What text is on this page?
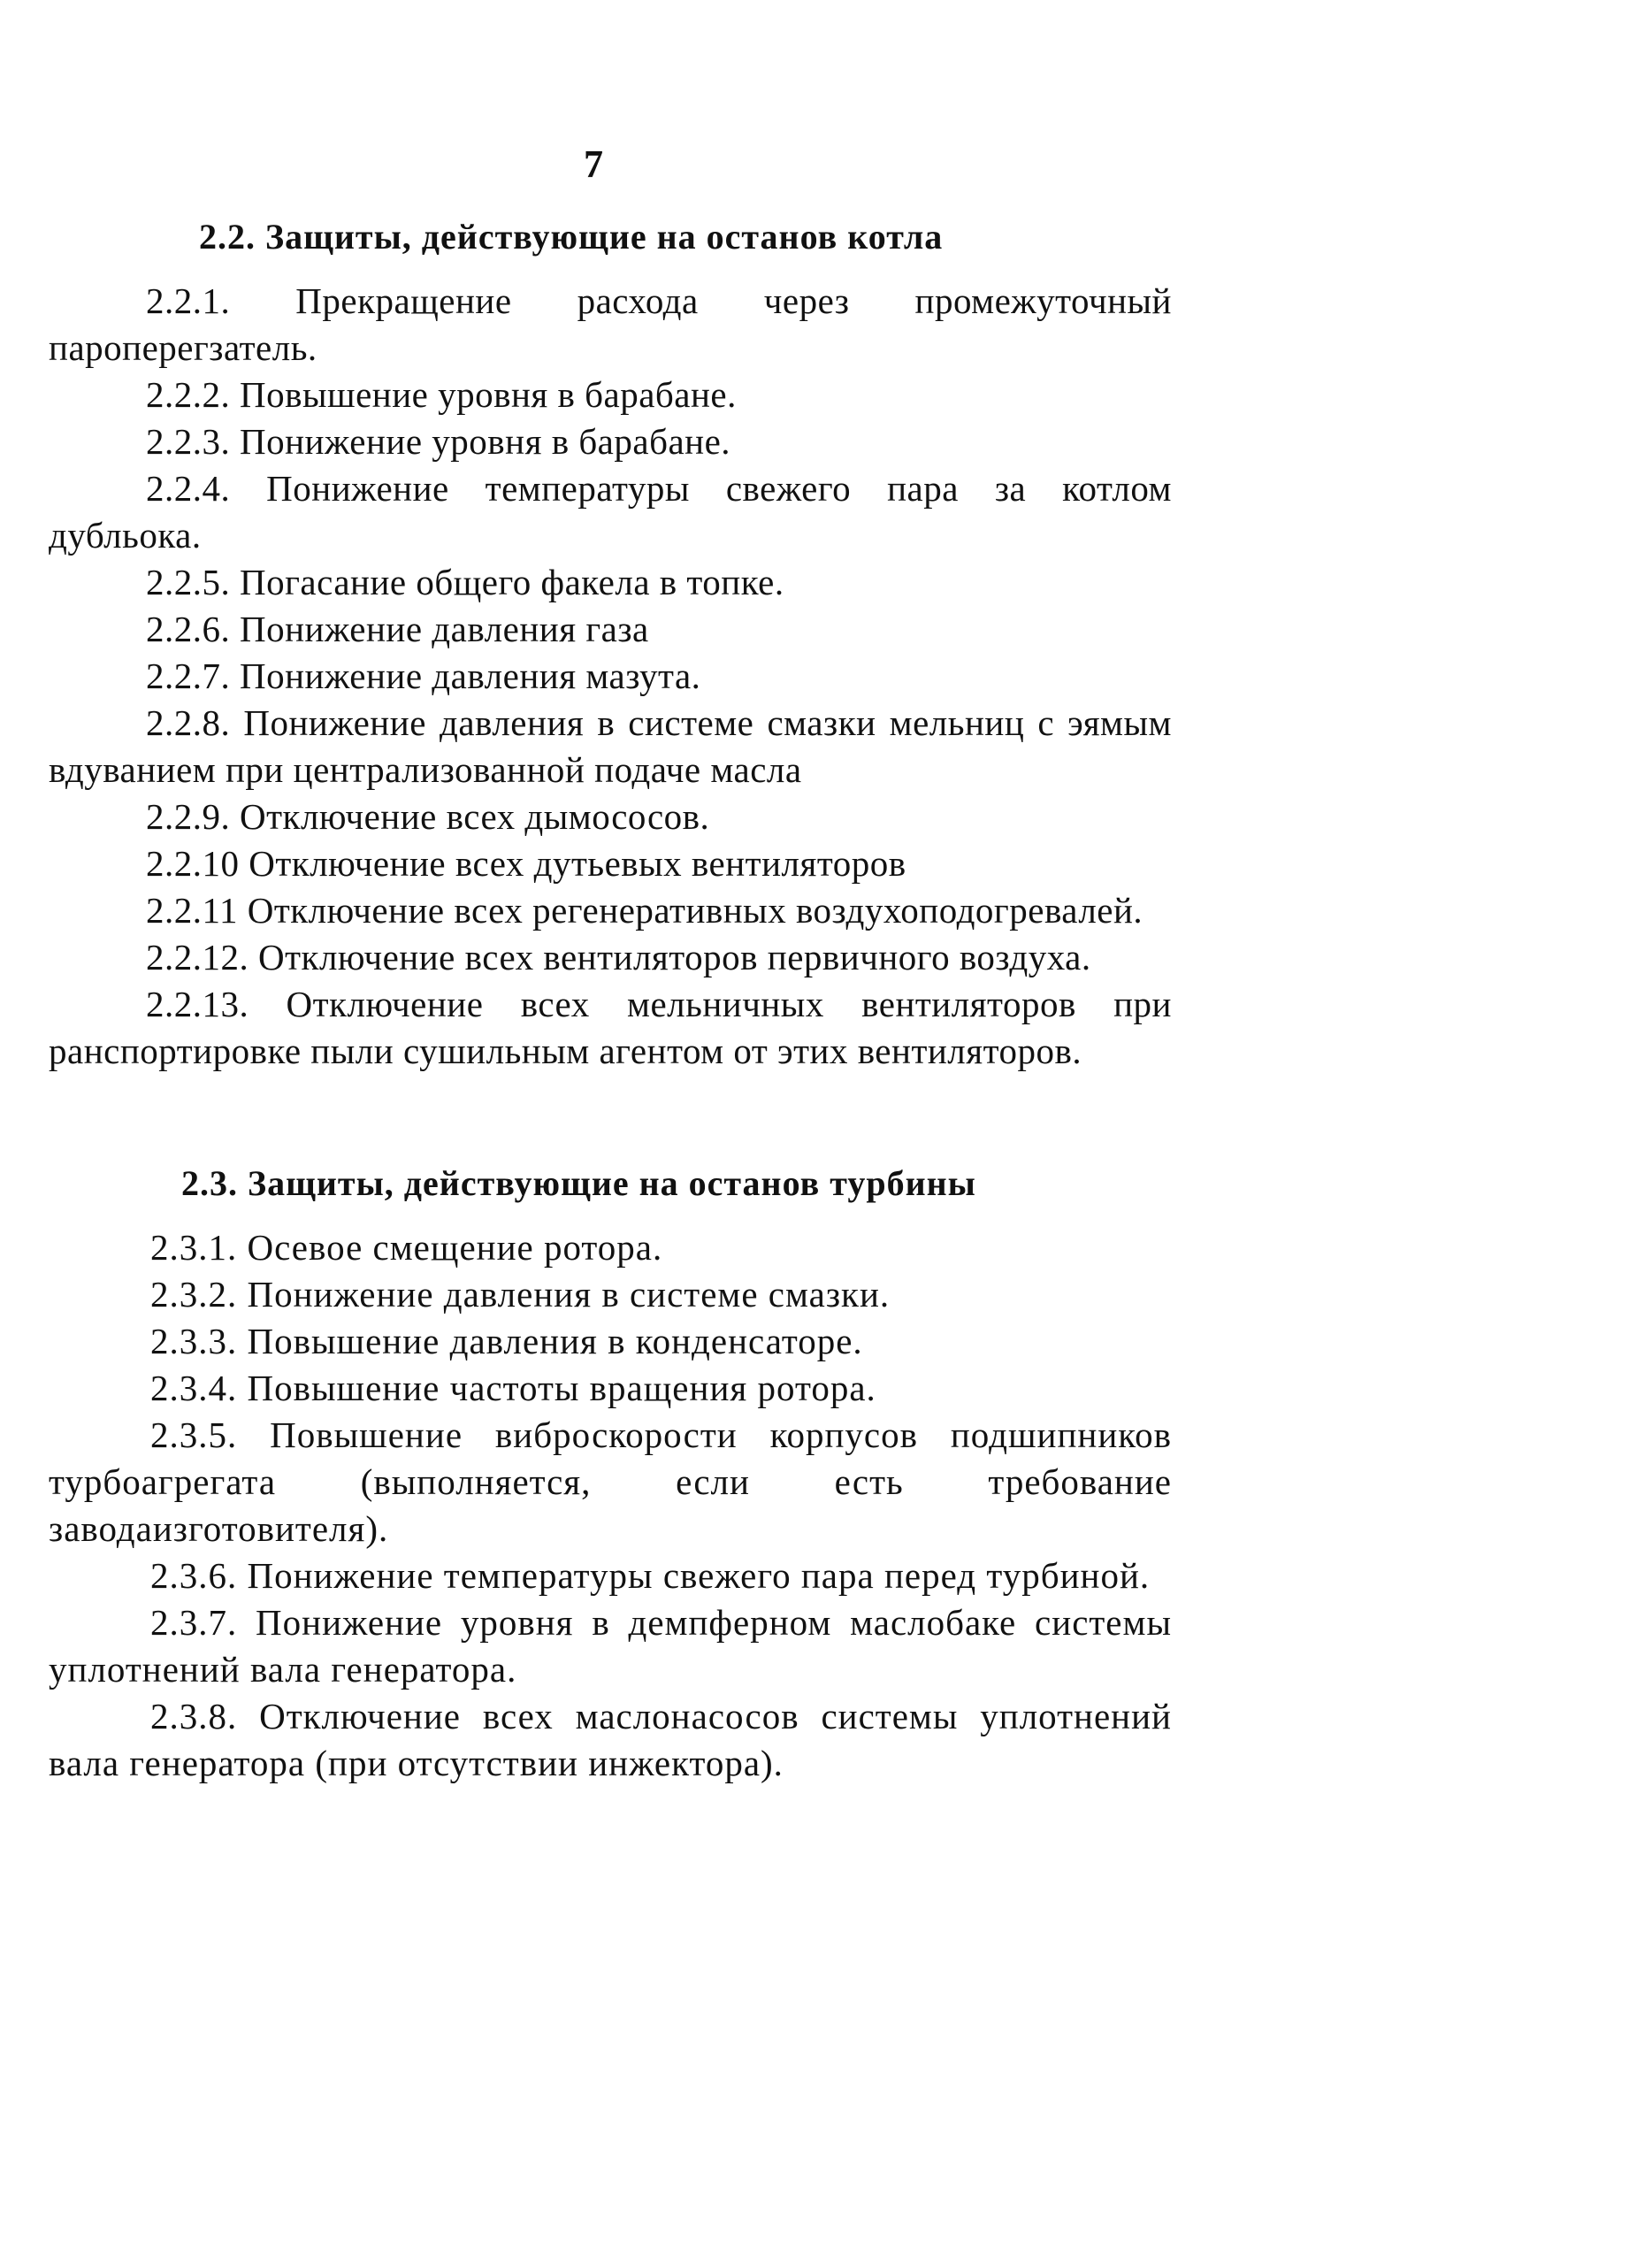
7
2.2. Защиты, действующие на останов котла

2.2.1. Прекращение расхода через промежуточный пароперегзатель.

2.2.2. Повышение уровня в барабане.

2.2.3. Понижение уровня в барабане.

2.2.4. Понижение температуры свежего пара за котлом дубльока.

2.2.5. Погасание общего факела в топке.

2.2.6. Понижение давления газа

2.2.7. Понижение давления мазута.

2.2.8. Понижение давления в системе смазки мельниц с эямым вдуванием при централизованной подаче масла

2.2.9. Отключение всех дымососов.

2.2.10 Отключение всех дутьевых вентиляторов

2.2.11 Отключение всех регенеративных воздухоподогревалей.

2.2.12. Отключение всех вентиляторов первичного воздуха.

2.2.13. Отключение всех мельничных вентиляторов при ранспортировке пыли сушильным агентом от этих вентиляторов.

2.3. Защиты, действующие на останов турбины

2.3.1. Осевое смещение ротора.

2.3.2. Понижение давления в системе смазки.

2.3.3. Повышение давления в конденсаторе.

2.3.4. Повышение частоты вращения ротора.

2.3.5. Повышение виброскорости корпусов подшипников турбоагрегата (выполняется, если есть требование заводаизготовителя).

2.3.6. Понижение температуры свежего пара перед турбиной.

2.3.7. Понижение уровня в демпферном маслобаке системы уплотнений вала генератора.

2.3.8. Отключение всех маслонасосов системы уплотнений вала генератора (при отсутствии инжектора).
